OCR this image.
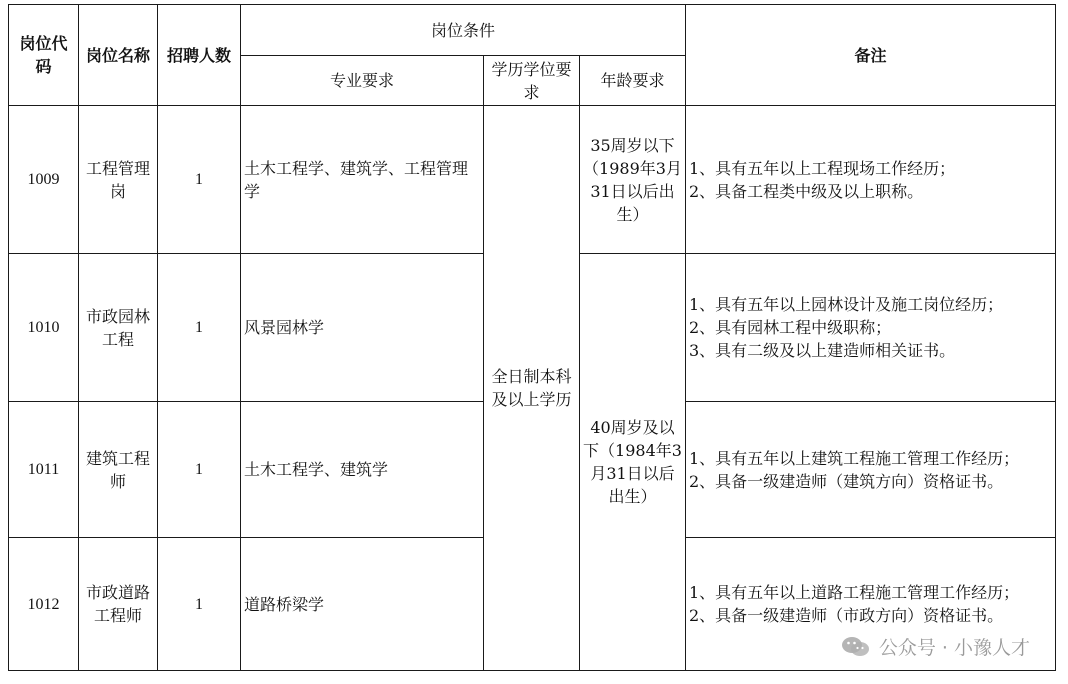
岗位代码	岗位名称	招聘人数	岗位条件			备注
			专业要求	学历学位要求	年龄要求	
1009	工程管理岗	1	土木工程学、建筑学、工程管理学	全日制本科及以上学历	35周岁以下（1989年3月31日以后出生）	1、具有五年以上工程现场工作经历；
2、具备工程类中级及以上职称。

1010	市政园林工程	1	风景园林学		40周岁及以下（1984年3月31日以后出生）	1、具有五年以上园林设计及施工岗位经历；
2、具有园林工程中级职称；
3、具有二级及以上建造师相关证书。

1011	建筑工程师	1	土木工程学、建筑学			1、具有五年以上建筑工程施工管理工作经历；
2、具备一级建造师（建筑方向）资格证书。

1012	市政道路工程师	1	道路桥梁学			1、具有五年以上道路工程施工管理工作经历；
2、具备一级建造师（市政方向）资格证书。
公众号 · 小豫人才
